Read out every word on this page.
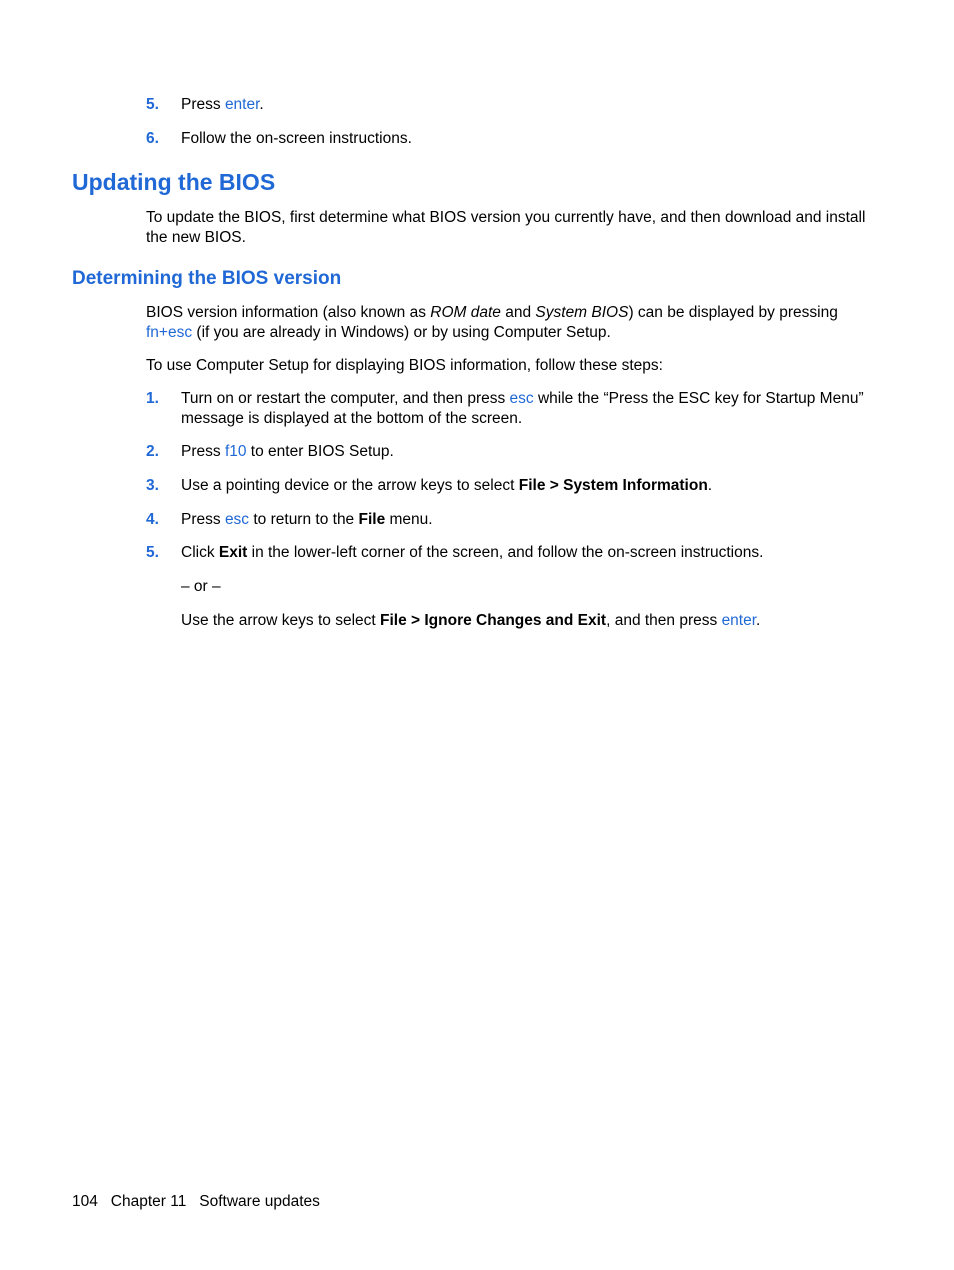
5. Press enter.
6. Follow the on-screen instructions.
Updating the BIOS

To update the BIOS, first determine what BIOS version you currently have, and then download and install the new BIOS.

Determining the BIOS version

BIOS version information (also known as ROM date and System BIOS) can be displayed by pressing fn+esc (if you are already in Windows) or by using Computer Setup.

To use Computer Setup for displaying BIOS information, follow these steps:

1. Turn on or restart the computer, and then press esc while the “Press the ESC key for Startup Menu” message is displayed at the bottom of the screen.
2. Press f10 to enter BIOS Setup.
3. Use a pointing device or the arrow keys to select File > System Information.
4. Press esc to return to the File menu.
5. Click Exit in the lower-left corner of the screen, and follow the on-screen instructions.
– or –
Use the arrow keys to select File > Ignore Changes and Exit, and then press enter.
104 Chapter 11 Software updates
